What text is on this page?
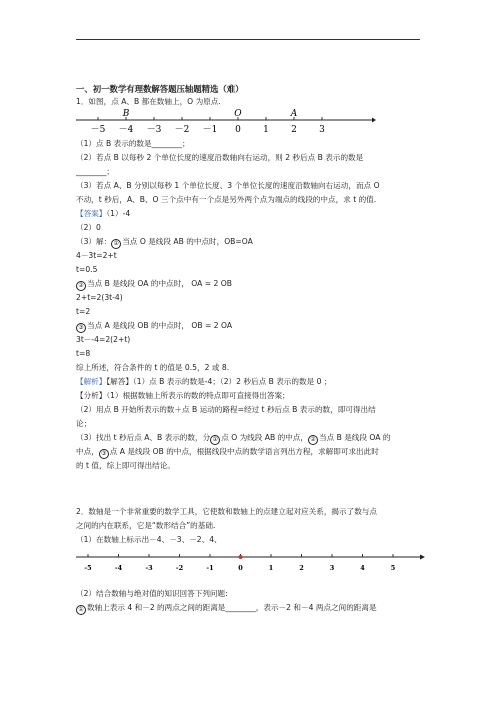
一、初一数学有理数解答题压轴题精选（难）
1．如图，点 A、B 都在数轴上，O 为原点.
－5 －4 －3 －2 －1 0 1 2 3
B	O	A
（1）点 B 表示的数是________；
（2）若点 B 以每秒 2 个单位长度的速度沿数轴向右运动，则 2 秒后点 B 表示的数是
________；
（3）若点 A、B 分别以每秒 1 个单位长度、3 个单位长度的速度沿数轴向右运动，而点 O
不动，t 秒后，A、B、O 三个点中有一个点是另外两个点为端点的线段的中点，求 t 的值.
【答案】（1）-4
（2）0
（3）解： ① 当点 O 是线段 AB 的中点时，OB=OA
4－3t=2+t
t=0.5
② 当点 B 是线段 OA 的中点时， OA = 2 OB
2+t=2(3t-4)
t=2
③ 当点 A 是线段 OB 的中点时， OB = 2 OA
3t－-4=2(2+t)
t=8
综上所述，符合条件的 t 的值是 0.5，2 或 8.
【解析】【解答】（1）点 B 表示的数是-4；（2）2 秒后点 B 表示的数是 0 ；
【分析】（1）根据数轴上所表示的数的特点即可直接得出答案；
（2）用点 B 开始所表示的数＋点 B 运动的路程=经过 t 秒后点 B 表示的数，即可得出结
论；
（3）找出 t 秒后点 A、B 表示的数，分 ① 点 O 为线段 AB 的中点， ② 当点 B 是线段 OA 的
中点， ③ 点 A 是线段 OB 的中点，根据线段中点的数学语言列出方程，求解即可求出此时
的 t 值，综上即可得出结论。
2．数轴是一个非常重要的数学工具，它使数和数轴上的点建立起对应关系，揭示了数与点
之间的内在联系，它是“数形结合”的基础.
（1）在数轴上标示出－4、－3、－2、4、
-5	-4	-3	-2	-1	0	1	2	3	4	5
（2）结合数轴与绝对值的知识回答下列问题:
① 数轴上表示 4 和－2 的两点之间的距离是________，表示－2 和－4 两点之间的距离是
